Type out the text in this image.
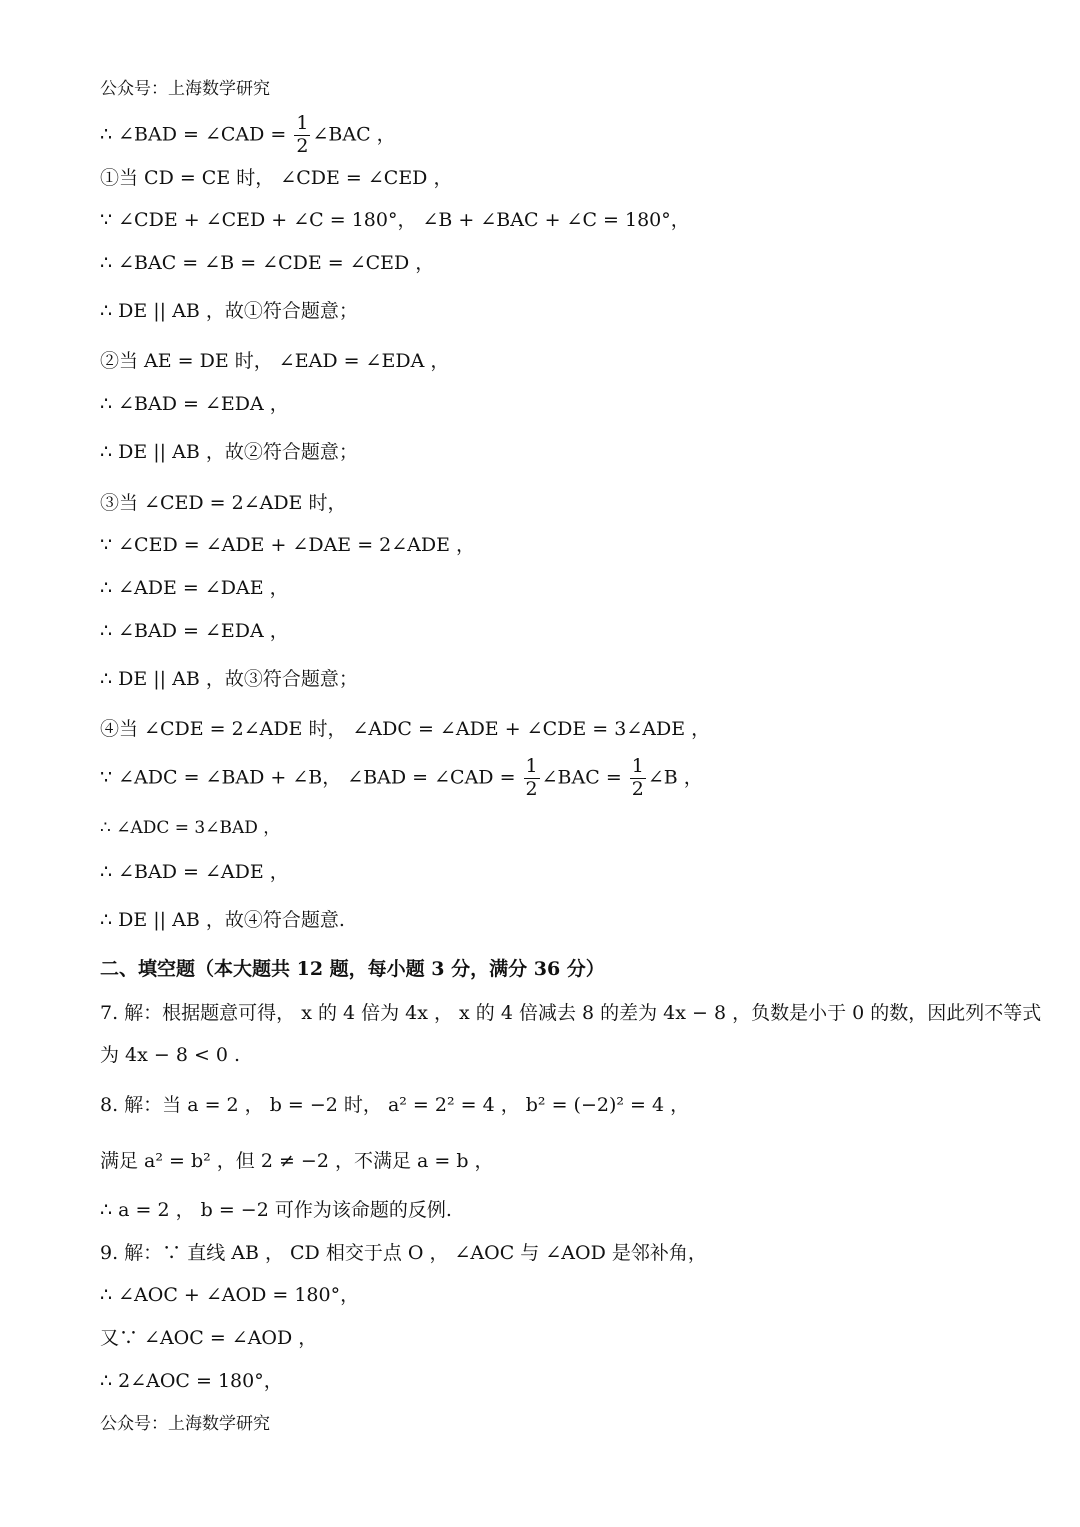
公众号：上海数学研究
∴ ∠BAD = ∠CAD = $\frac{1}{2}$ ∠BAC ，
①当 CD = CE 时， ∠CDE = ∠CED ，
∵ ∠CDE + ∠CED + ∠C = 180°， ∠B + ∠BAC + ∠C = 180°，
∴ ∠BAC = ∠B = ∠CDE = ∠CED ，
∴ DE || AB ，故①符合题意；
②当 AE = DE 时， ∠EAD = ∠EDA ，
∴ ∠BAD = ∠EDA ，
∴ DE || AB ，故②符合题意；
③当 ∠CED = 2∠ADE 时，
∵ ∠CED = ∠ADE + ∠DAE = 2∠ADE ，
∴ ∠ADE = ∠DAE ，
∴ ∠BAD = ∠EDA ，
∴ DE || AB ，故③符合题意；
④当 ∠CDE = 2∠ADE 时， ∠ADC = ∠ADE + ∠CDE = 3∠ADE ，
∵ ∠ADC = ∠BAD + ∠B， ∠BAD = ∠CAD = $\frac{1}{2}$ ∠BAC = $\frac{1}{2}$ ∠B ，
∴ ∠ADC = 3∠BAD ，
∴ ∠BAD = ∠ADE ，
∴ DE || AB ，故④符合题意.
二、填空题（本大题共 12 题，每小题 3 分，满分 36 分）
7. 解：根据题意可得， x 的 4 倍为 4x ， x 的 4 倍减去 8 的差为 4x − 8 ，负数是小于 0 的数，因此列不等式
为 4x − 8 < 0 .
8. 解：当 a = 2 ， b = −2 时， a² = 2² = 4 ， b² = (−2)² = 4 ，
满足 a² = b² ，但 2 ≠ −2 ，不满足 a = b ，
∴ a = 2 ， b = −2 可作为该命题的反例.
9. 解：∵ 直线 AB ， CD 相交于点 O ， ∠AOC 与 ∠AOD 是邻补角，
∴ ∠AOC + ∠AOD = 180°，
又∵ ∠AOC = ∠AOD ，
∴ 2∠AOC = 180°，
公众号：上海数学研究
